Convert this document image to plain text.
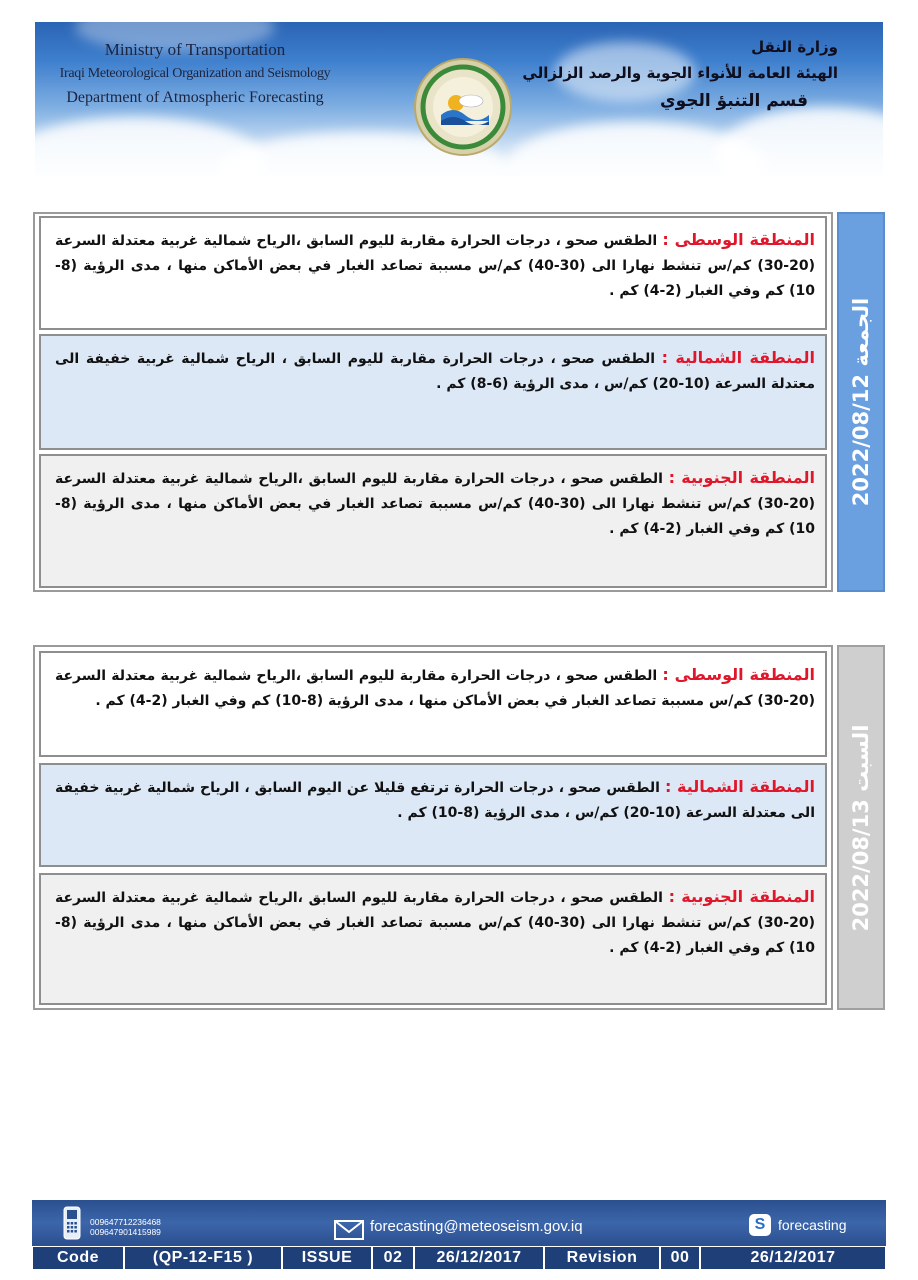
Ministry of Transportation
Iraqi Meteorological Organization and Seismology
Department of Atmospheric Forecasting
وزارة النقل
الهيئة العامة للأنواء الجوية والرصد الزلزالي
قسم التنبؤ الجوي
المنطقة الوسطى : الطقس صحو ، درجات الحرارة مقاربة لليوم السابق ،الرياح شمالية غربية معتدلة السرعة (20-30) كم/س تنشط نهارا الى (30-40) كم/س مسببة تصاعد الغبار في بعض الأماكن منها ، مدى الرؤية (8-10) كم وفي الغبار (2-4) كم .
المنطقة الشمالية : الطقس صحو ، درجات الحرارة مقاربة لليوم السابق ، الرياح شمالية غربية خفيفة الى معتدلة السرعة (10-20) كم/س ، مدى الرؤية (6-8) كم .
المنطقة الجنوبية : الطقس صحو ، درجات الحرارة مقاربة لليوم السابق ،الرياح شمالية غربية معتدلة السرعة (20-30) كم/س تنشط نهارا الى (30-40) كم/س مسببة تصاعد الغبار في بعض الأماكن منها ، مدى الرؤية (8-10) كم وفي الغبار (2-4) كم .
الجمعة 2022/08/12
المنطقة الوسطى : الطقس صحو ، درجات الحرارة مقاربة لليوم السابق ،الرياح شمالية غربية معتدلة السرعة (20-30) كم/س مسببة تصاعد الغبار في بعض الأماكن منها ، مدى الرؤية (8-10) كم وفي الغبار (2-4) كم .
المنطقة الشمالية : الطقس صحو ، درجات الحرارة ترتفع قليلا عن اليوم السابق ، الرياح شمالية غربية خفيفة الى معتدلة السرعة (10-20) كم/س ، مدى الرؤية (8-10) كم .
المنطقة الجنوبية : الطقس صحو ، درجات الحرارة مقاربة لليوم السابق ،الرياح شمالية غربية معتدلة السرعة (20-30) كم/س تنشط نهارا الى (30-40) كم/س مسببة تصاعد الغبار في بعض الأماكن منها ، مدى الرؤية (8-10) كم وفي الغبار (2-4) كم .
السبت 2022/08/13
009647712236468
009647901415989	forecasting@meteoseism.gov.iq	S forecasting
Code	(QP-12-F15 )	ISSUE	02	26/12/2017	Revision	00	26/12/2017
